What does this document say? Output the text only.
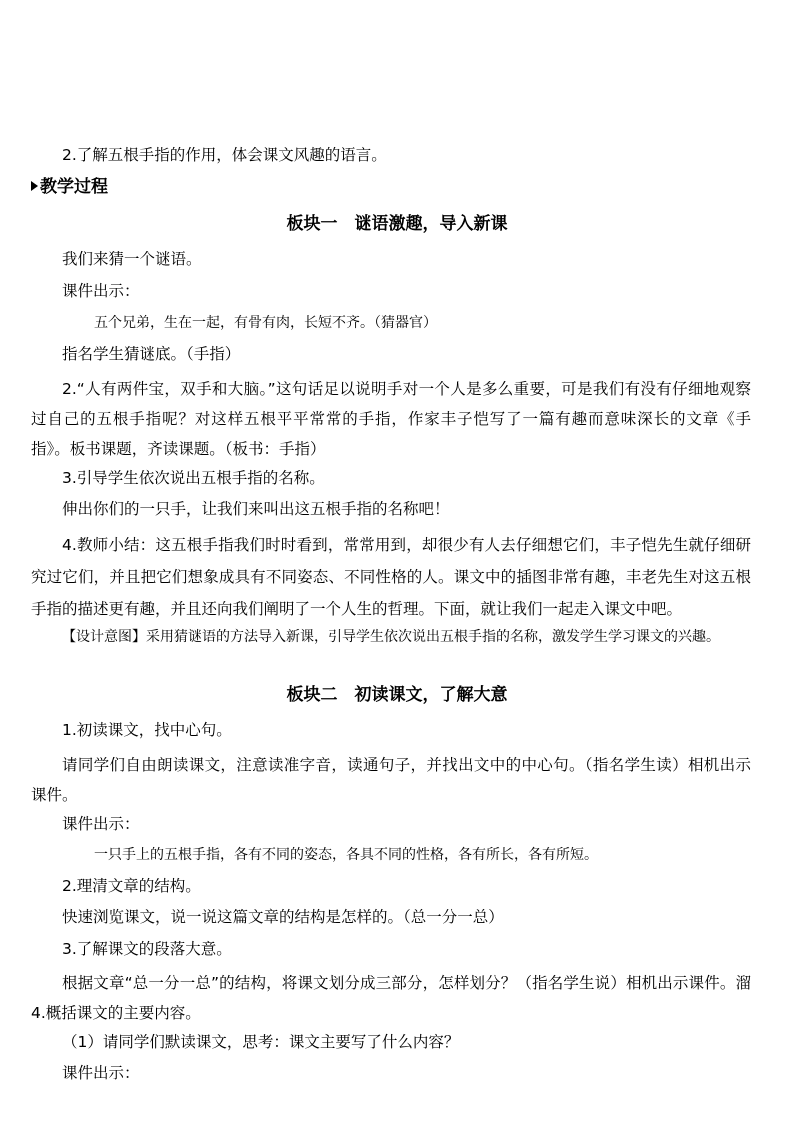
2.了解五根手指的作用，体会课文风趣的语言。
教学过程
板块一　谜语激趣，导入新课
我们来猜一个谜语。
课件出示：
五个兄弟，生在一起，有骨有肉，长短不齐。（猜器官）
指名学生猜谜底。（手指）
2.“人有两件宝，双手和大脑。”这句话足以说明手对一个人是多么重要，可是我们有没有仔细地观察过自己的五根手指呢？对这样五根平平常常的手指，作家丰子恺写了一篇有趣而意味深长的文章《手指》。板书课题，齐读课题。（板书：手指）
3.引导学生依次说出五根手指的名称。
伸出你们的一只手，让我们来叫出这五根手指的名称吧！
4.教师小结：这五根手指我们时时看到，常常用到，却很少有人去仔细想它们，丰子恺先生就仔细研究过它们，并且把它们想象成具有不同姿态、不同性格的人。课文中的插图非常有趣，丰老先生对这五根手指的描述更有趣，并且还向我们阐明了一个人生的哲理。下面，就让我们一起走入课文中吧。
【设计意图】采用猜谜语的方法导入新课，引导学生依次说出五根手指的名称，激发学生学习课文的兴趣。
板块二　初读课文，了解大意
1.初读课文，找中心句。
请同学们自由朗读课文，注意读准字音，读通句子，并找出文中的中心句。（指名学生读）相机出示课件。
课件出示：
一只手上的五根手指，各有不同的姿态，各具不同的性格，各有所长，各有所短。
2.理清文章的结构。
快速浏览课文，说一说这篇文章的结构是怎样的。（总一分一总）
3.了解课文的段落大意。
根据文章“总一分一总”的结构，将课文划分成三部分，怎样划分？（指名学生说）相机出示课件。溜　4.概括课文的主要内容。
（1）请同学们默读课文，思考：课文主要写了什么内容？
课件出示：
